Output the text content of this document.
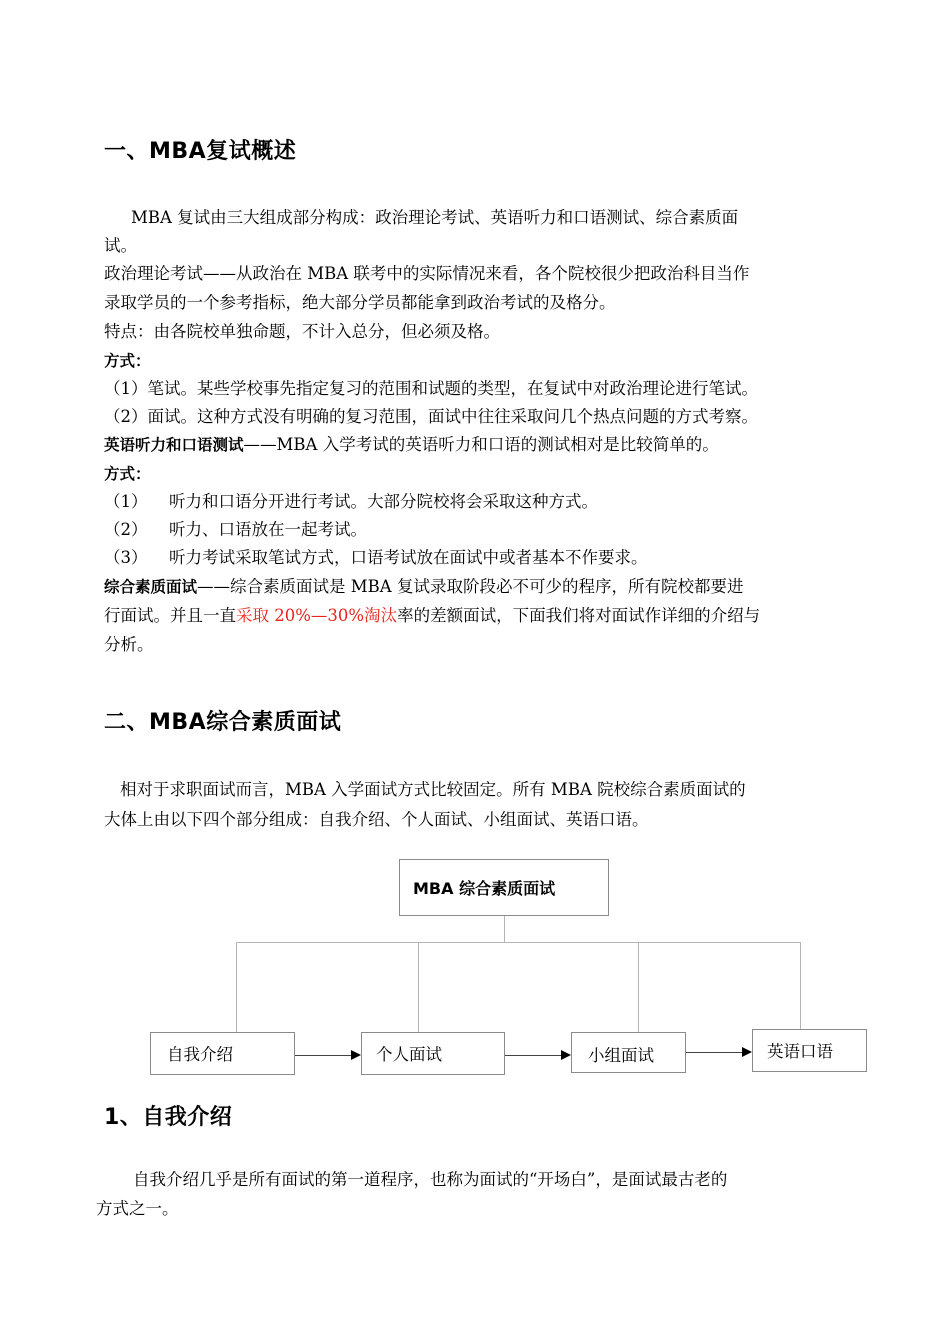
一、MBA复试概述
MBA 复试由三大组成部分构成：政治理论考试、英语听力和口语测试、综合素质面
试。
政治理论考试——从政治在 MBA 联考中的实际情况来看，各个院校很少把政治科目当作
录取学员的一个参考指标，绝大部分学员都能拿到政治考试的及格分。
特点：由各院校单独命题，不计入总分，但必须及格。
方式：
（1）笔试。某些学校事先指定复习的范围和试题的类型，在复试中对政治理论进行笔试。
（2）面试。这种方式没有明确的复习范围，面试中往往采取问几个热点问题的方式考察。
英语听力和口语测试——MBA 入学考试的英语听力和口语的测试相对是比较简单的。
方式：
（1） 听力和口语分开进行考试。大部分院校将会采取这种方式。
（2） 听力、口语放在一起考试。
（3） 听力考试采取笔试方式，口语考试放在面试中或者基本不作要求。
综合素质面试——综合素质面试是 MBA 复试录取阶段必不可少的程序，所有院校都要进
行面试。并且一直采取 20%—30%淘汰率的差额面试，下面我们将对面试作详细的介绍与
分析。
二、MBA综合素质面试
相对于求职面试而言，MBA 入学面试方式比较固定。所有 MBA 院校综合素质面试的
大体上由以下四个部分组成：自我介绍、个人面试、小组面试、英语口语。
MBA 综合素质面试
自我介绍	个人面试	小组面试	英语口语
1、自我介绍
自我介绍几乎是所有面试的第一道程序，也称为面试的“开场白”，是面试最古老的
方式之一。
